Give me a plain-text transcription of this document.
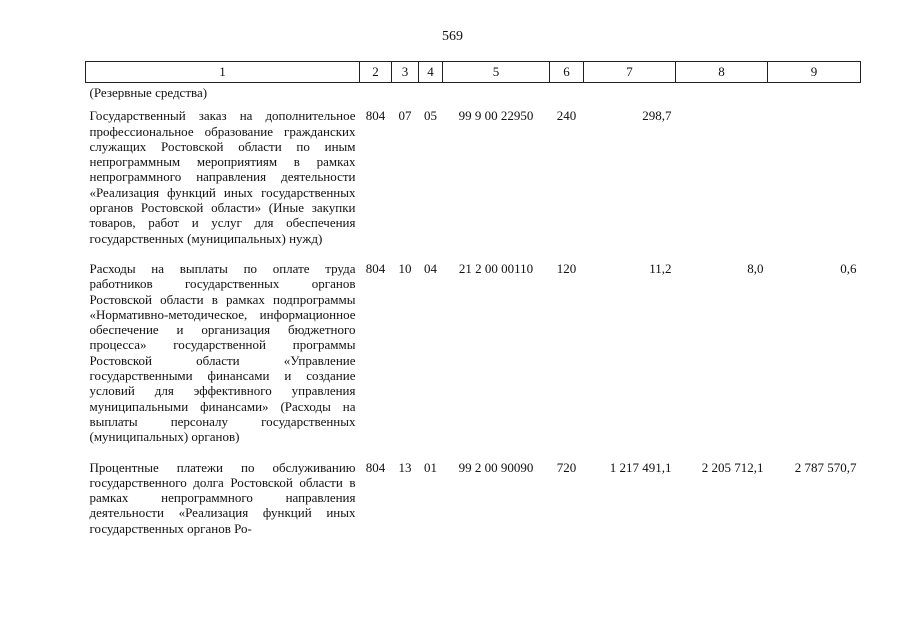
569
1	2	3	4	5	6	7	8	9
(Резервные средства)								
Государственный заказ на дополнительное профессиональное образование гражданских служащих Ростовской области по иным непрограммным мероприятиям в рамках непрограммного направления деятельности «Реализация функций иных государственных органов Ростовской области» (Иные закупки товаров, работ и услуг для обеспечения государственных (муниципальных) нужд)	804	07	05	99 9 00 22950	240	298,7		
Расходы на выплаты по оплате труда работников государственных органов Ростовской области в рамках подпрограммы «Нормативно-методическое, информационное обеспечение и организация бюджетного процесса» государственной программы Ростовской области «Управление государственными финансами и создание условий для эффективного управления муниципальными финансами» (Расходы на выплаты персоналу государственных (муниципальных) органов)	804	10	04	21 2 00 00110	120	11,2	8,0	0,6
Процентные платежи по обслуживанию государственного долга Ростовской области в рамках непрограммного направления деятельности «Реализация функций иных государственных органов Ро-	804	13	01	99 2 00 90090	720	1 217 491,1	2 205 712,1	2 787 570,7
